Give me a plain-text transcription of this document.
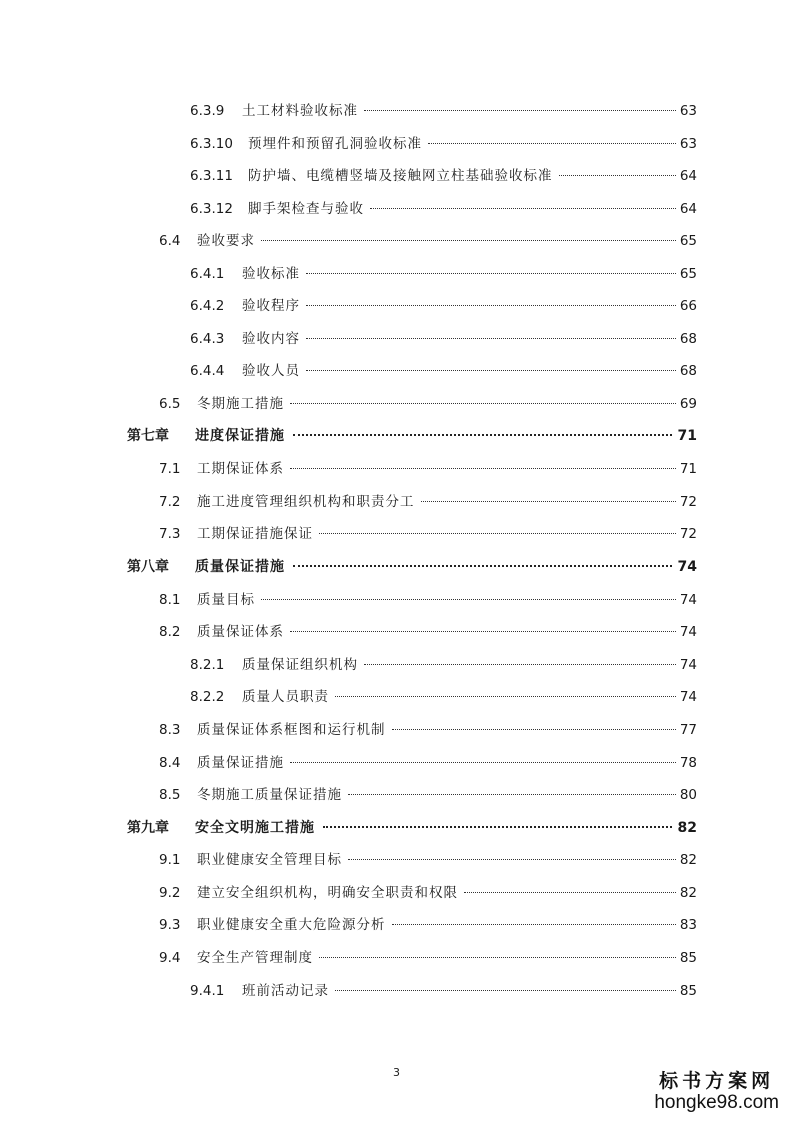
6.3.9	土工材料验收标准	63
6.3.10	预埋件和预留孔洞验收标准	63
6.3.11	防护墙、电缆槽竖墙及接触网立柱基础验收标准	64
6.3.12	脚手架检查与验收	64
6.4	验收要求	65
6.4.1	验收标准	65
6.4.2	验收程序	66
6.4.3	验收内容	68
6.4.4	验收人员	68
6.5	冬期施工措施	69
第七章	进度保证措施	71
7.1	工期保证体系	71
7.2	施工进度管理组织机构和职责分工	72
7.3	工期保证措施保证	72
第八章	质量保证措施	74
8.1	质量目标	74
8.2	质量保证体系	74
8.2.1	质量保证组织机构	74
8.2.2	质量人员职责	74
8.3	质量保证体系框图和运行机制	77
8.4	质量保证措施	78
8.5	冬期施工质量保证措施	80
第九章	安全文明施工措施	82
9.1	职业健康安全管理目标	82
9.2	建立安全组织机构，明确安全职责和权限	82
9.3	职业健康安全重大危险源分析	83
9.4	安全生产管理制度	85
9.4.1	班前活动记录	85
3	标书方案网
hongke98.com
